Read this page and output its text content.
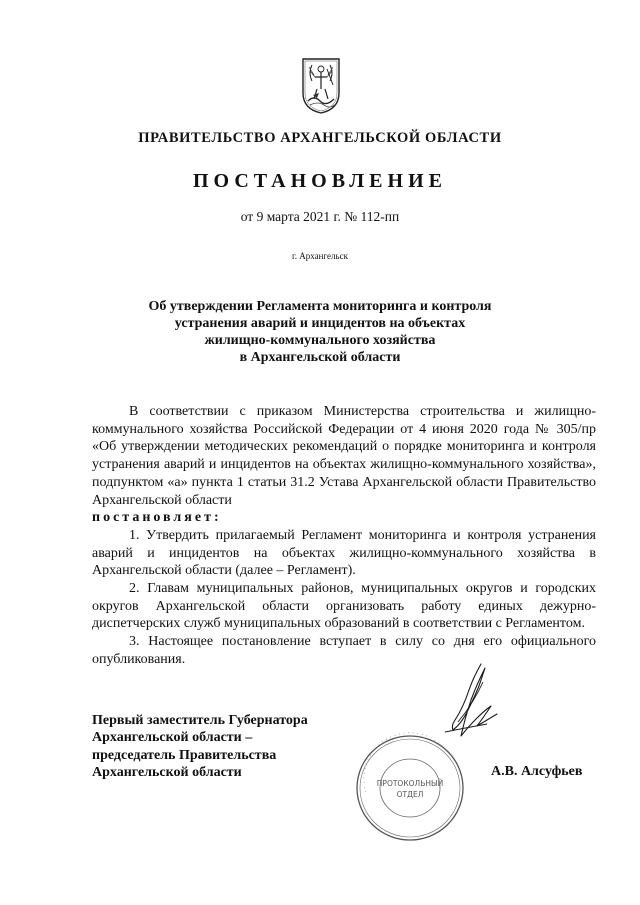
ПРАВИТЕЛЬСТВО АРХАНГЕЛЬСКОЙ ОБЛАСТИ
ПОСТАНОВЛЕНИЕ
от 9 марта 2021 г. № 112-пп
г. Архангельск
Об утверждении Регламента мониторинга и контроля
устранения аварий и инцидентов на объектах
жилищно-коммунального хозяйства
в Архангельской области

В соответствии с приказом Министерства строительства и жилищно-коммунального хозяйства Российской Федерации от 4 июня 2020 года № 305/пр «Об утверждении методических рекомендаций о порядке мониторинга и контроля устранения аварий и инцидентов на объектах жилищно-коммунального хозяйства», подпунктом «а» пункта 1 статьи 31.2 Устава Архангельской области Правительство Архангельской области

постановляет:

1. Утвердить прилагаемый Регламент мониторинга и контроля устранения аварий и инцидентов на объектах жилищно-коммунального хозяйства в Архангельской области (далее – Регламент).

2. Главам муниципальных районов, муниципальных округов и городских округов Архангельской области организовать работу единых дежурно-диспетчерских служб муниципальных образований в соответствии с Регламентом.

3. Настоящее постановление вступает в силу со дня его официального опубликования.

· · · · · · · · · · · · · · · · · · · · · · · · · · ·
ПРОТОКОЛЬНЫЙ
ОТДЕЛ
Первый заместитель Губернатора
Архангельской области –
председатель Правительства
Архангельской области	А.В. Алсуфьев
